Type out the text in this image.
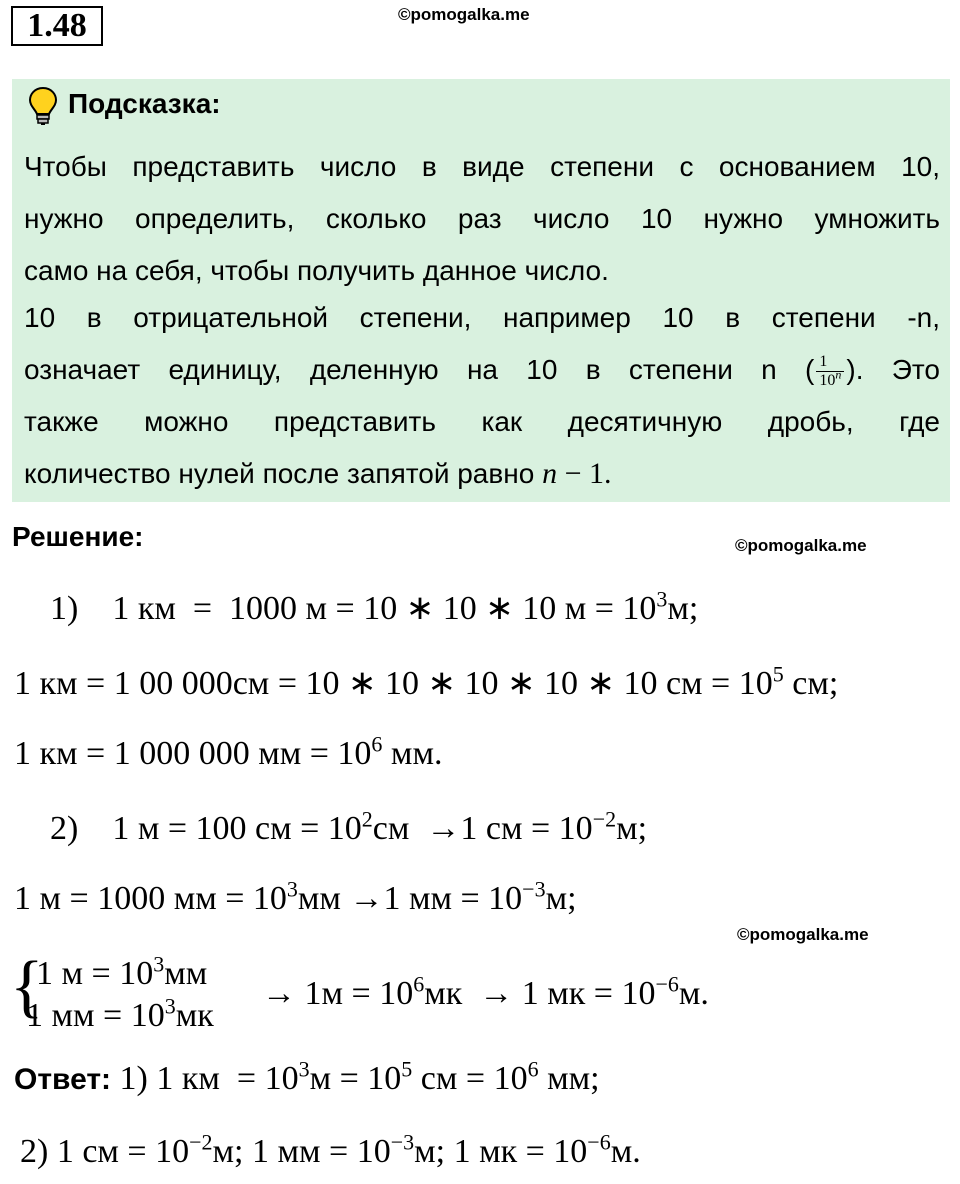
1.48	©pomogalka.me
Подсказка:
Чтобы представить число в виде степени с основанием 10,
нужно определить, сколько раз число 10 нужно умножить
само на себя, чтобы получить данное число.
10 в отрицательной степени, например 10 в степени -n,
означает единицу, деленную на 10 в степени n ( $\frac{1}{10^n}$ ). Это
также можно представить как десятичную дробь, где
количество нулей после запятой равно n − 1.
Решение:	©pomogalka.me
1)    1 км  =  1000 м = 10 ∗ 10 ∗ 10 $м = 10^3м$;
1 км = 1 00 000см = 10 ∗ 10 ∗ 10 ∗ 10 ∗ 10 см = $10^5$ см;
1 км = 1 000 000 мм = $10^6$ мм.
2)    1 м = 100 см = $10^2см \to 1$ см = $10^{-2}м$;
1 м = 1000 мм = $10^3мм \to 1$ мм = $10^{-3}м$;
©pomogalka.me
{
1 $м = 10^3мм$
1 мм = $10^3мк$
→ $1м = 10^6мк \to 1$ мк = $10^{-6}м$.
Ответ: 1) 1 км  = $10^3м = 10^5$ см = $10^6$ мм;
2) 1 см = $10^{-2}м$; 1 мм = $10^{-3}м$; 1 мк = $10^{-6}м$.
